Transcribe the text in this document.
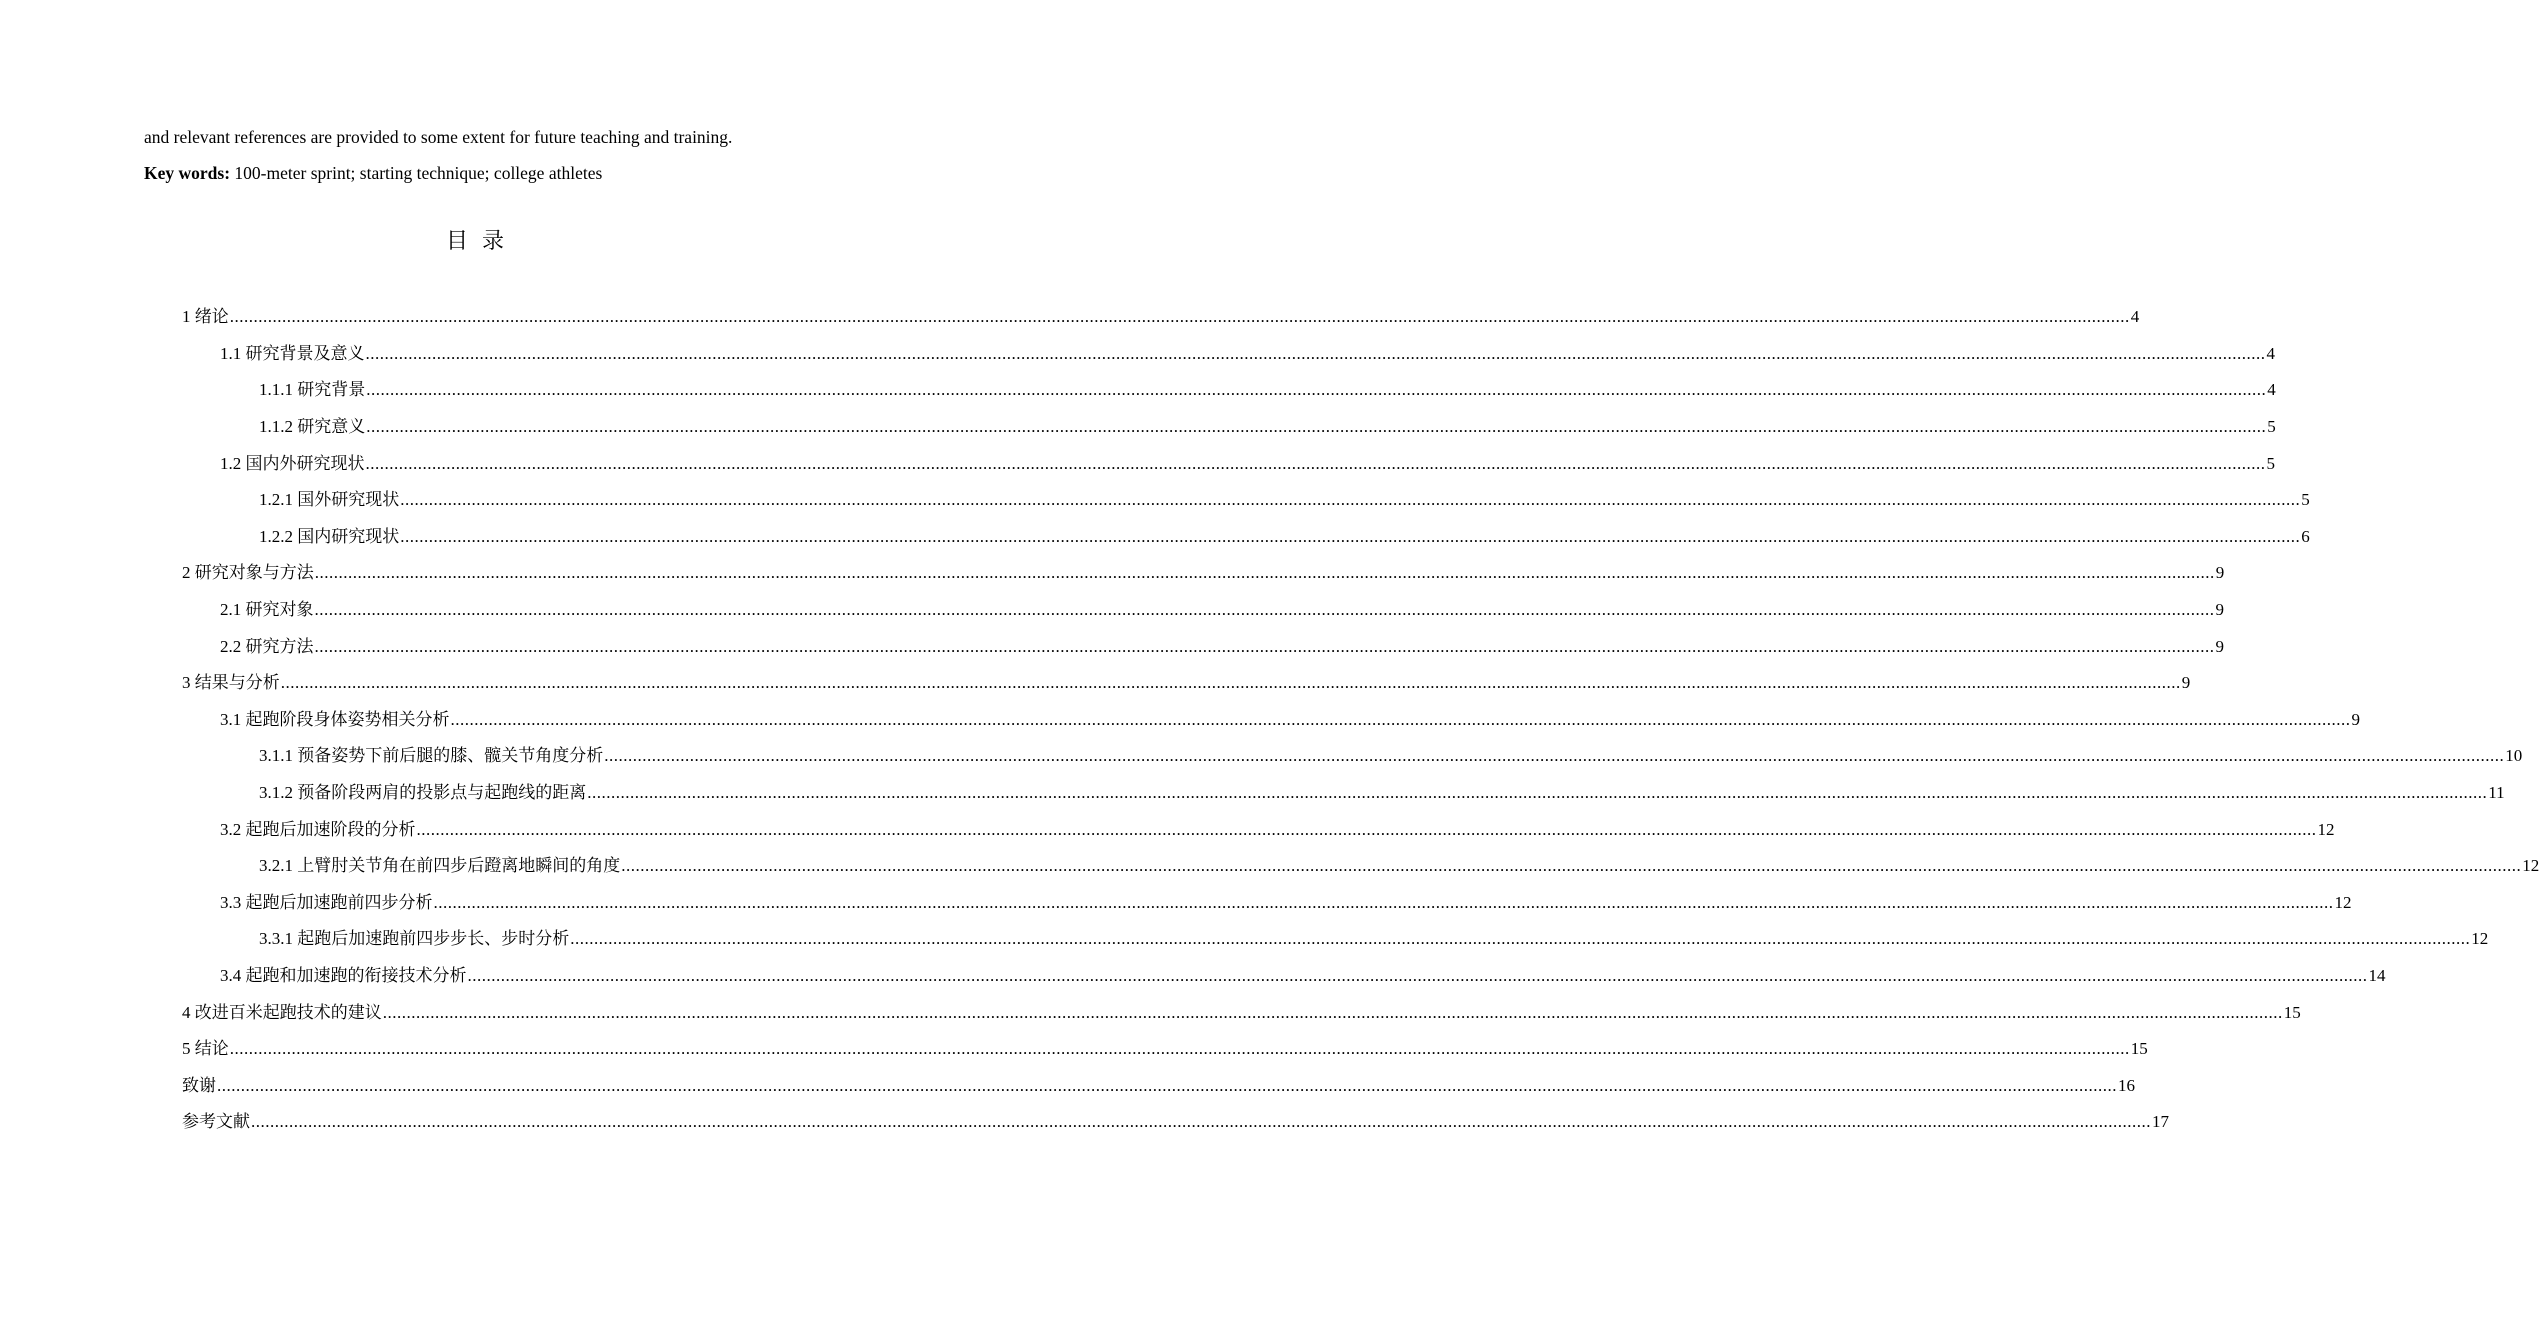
and relevant references are provided to some extent for future teaching and training.
Key words: 100-meter sprint; starting technique; college athletes
目录
1 绪论 ................................................................................................................................................................................................................................................................................................................................................................................................................ 4
1.1 研究背景及意义 ................................................................................................................................................................................................................................................................................................................................................................................................................ 4
1.1.1 研究背景 ................................................................................................................................................................................................................................................................................................................................................................................................................ 4
1.1.2 研究意义 ................................................................................................................................................................................................................................................................................................................................................................................................................ 5
1.2 国内外研究现状 ................................................................................................................................................................................................................................................................................................................................................................................................................ 5
1.2.1 国外研究现状 ................................................................................................................................................................................................................................................................................................................................................................................................................ 5
1.2.2 国内研究现状 ................................................................................................................................................................................................................................................................................................................................................................................................................ 6
2 研究对象与方法 ................................................................................................................................................................................................................................................................................................................................................................................................................ 9
2.1 研究对象 ................................................................................................................................................................................................................................................................................................................................................................................................................ 9
2.2 研究方法 ................................................................................................................................................................................................................................................................................................................................................................................................................ 9
3 结果与分析 ................................................................................................................................................................................................................................................................................................................................................................................................................ 9
3.1 起跑阶段身体姿势相关分析 ................................................................................................................................................................................................................................................................................................................................................................................................................ 9
3.1.1 预备姿势下前后腿的膝、髋关节角度分析 ................................................................................................................................................................................................................................................................................................................................................................................................................ 10
3.1.2 预备阶段两肩的投影点与起跑线的距离 ................................................................................................................................................................................................................................................................................................................................................................................................................ 11
3.2 起跑后加速阶段的分析 ................................................................................................................................................................................................................................................................................................................................................................................................................ 12
3.2.1 上臂肘关节角在前四步后蹬离地瞬间的角度 ................................................................................................................................................................................................................................................................................................................................................................................................................ 12
3.3 起跑后加速跑前四步分析 ................................................................................................................................................................................................................................................................................................................................................................................................................ 12
3.3.1 起跑后加速跑前四步步长、步时分析 ................................................................................................................................................................................................................................................................................................................................................................................................................ 12
3.4 起跑和加速跑的衔接技术分析 ................................................................................................................................................................................................................................................................................................................................................................................................................ 14
4 改进百米起跑技术的建议 ................................................................................................................................................................................................................................................................................................................................................................................................................ 15
5 结论 ................................................................................................................................................................................................................................................................................................................................................................................................................ 15
致谢 ................................................................................................................................................................................................................................................................................................................................................................................................................ 16
参考文献 ................................................................................................................................................................................................................................................................................................................................................................................................................ 17
